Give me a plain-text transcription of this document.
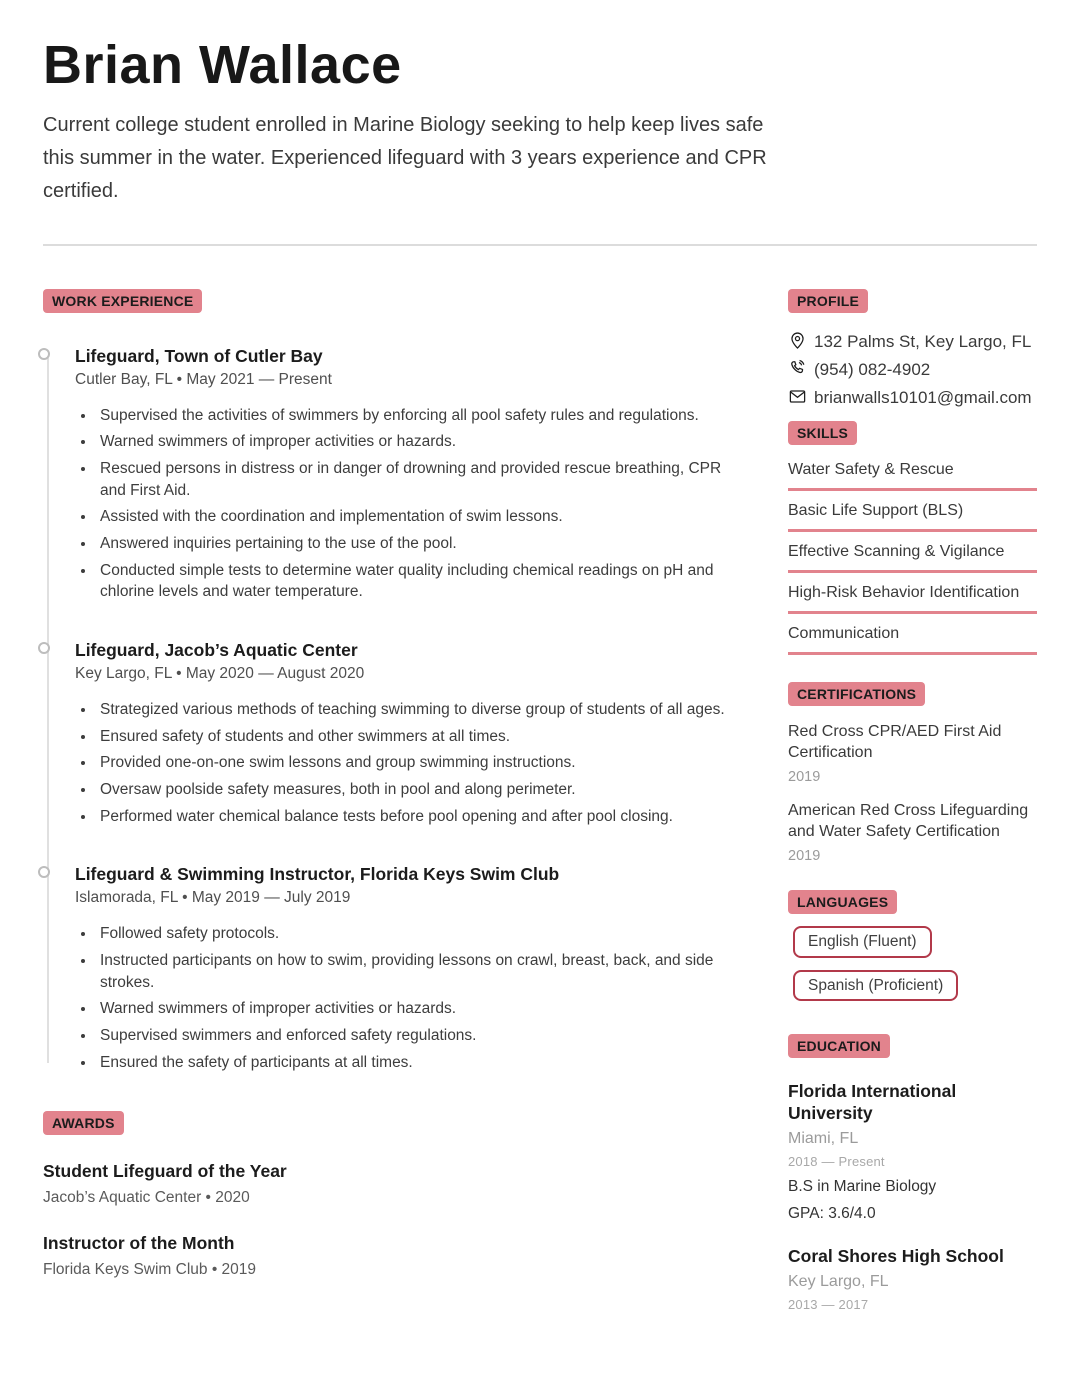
Brian Wallace

Current college student enrolled in Marine Biology seeking to help keep lives safe this summer in the water. Experienced lifeguard with 3 years experience and CPR certified.

WORK EXPERIENCE
Lifeguard, Town of Cutler Bay
Cutler Bay, FL • May 2021 — Present
• Supervised the activities of swimmers by enforcing all pool safety rules and regulations.
• Warned swimmers of improper activities or hazards.
• Rescued persons in distress or in danger of drowning and provided rescue breathing, CPR and First Aid.
• Assisted with the coordination and implementation of swim lessons.
• Answered inquiries pertaining to the use of the pool.
• Conducted simple tests to determine water quality including chemical readings on pH and chlorine levels and water temperature.
Lifeguard, Jacob’s Aquatic Center
Key Largo, FL • May 2020 — August 2020
• Strategized various methods of teaching swimming to diverse group of students of all ages.
• Ensured safety of students and other swimmers at all times.
• Provided one-on-one swim lessons and group swimming instructions.
• Oversaw poolside safety measures, both in pool and along perimeter.
• Performed water chemical balance tests before pool opening and after pool closing.
Lifeguard & Swimming Instructor, Florida Keys Swim Club
Islamorada, FL • May 2019 — July 2019
• Followed safety protocols.
• Instructed participants on how to swim, providing lessons on crawl, breast, back, and side strokes.
• Warned swimmers of improper activities or hazards.
• Supervised swimmers and enforced safety regulations.
• Ensured the safety of participants at all times.
AWARDS
Student Lifeguard of the Year
Jacob’s Aquatic Center • 2020
Instructor of the Month
Florida Keys Swim Club • 2019
PROFILE
132 Palms St, Key Largo, FL
(954) 082-4902
brianwalls10101@gmail.com
SKILLS
Water Safety & Rescue
Basic Life Support (BLS)
Effective Scanning & Vigilance
High-Risk Behavior Identification
Communication
CERTIFICATIONS
Red Cross CPR/AED First Aid Certification
2019
American Red Cross Lifeguarding and Water Safety Certification
2019
LANGUAGES
English (Fluent)
Spanish (Proficient)
EDUCATION
Florida International University
Miami, FL
2018 — Present
B.S in Marine Biology
GPA: 3.6/4.0
Coral Shores High School
Key Largo, FL
2013 — 2017
